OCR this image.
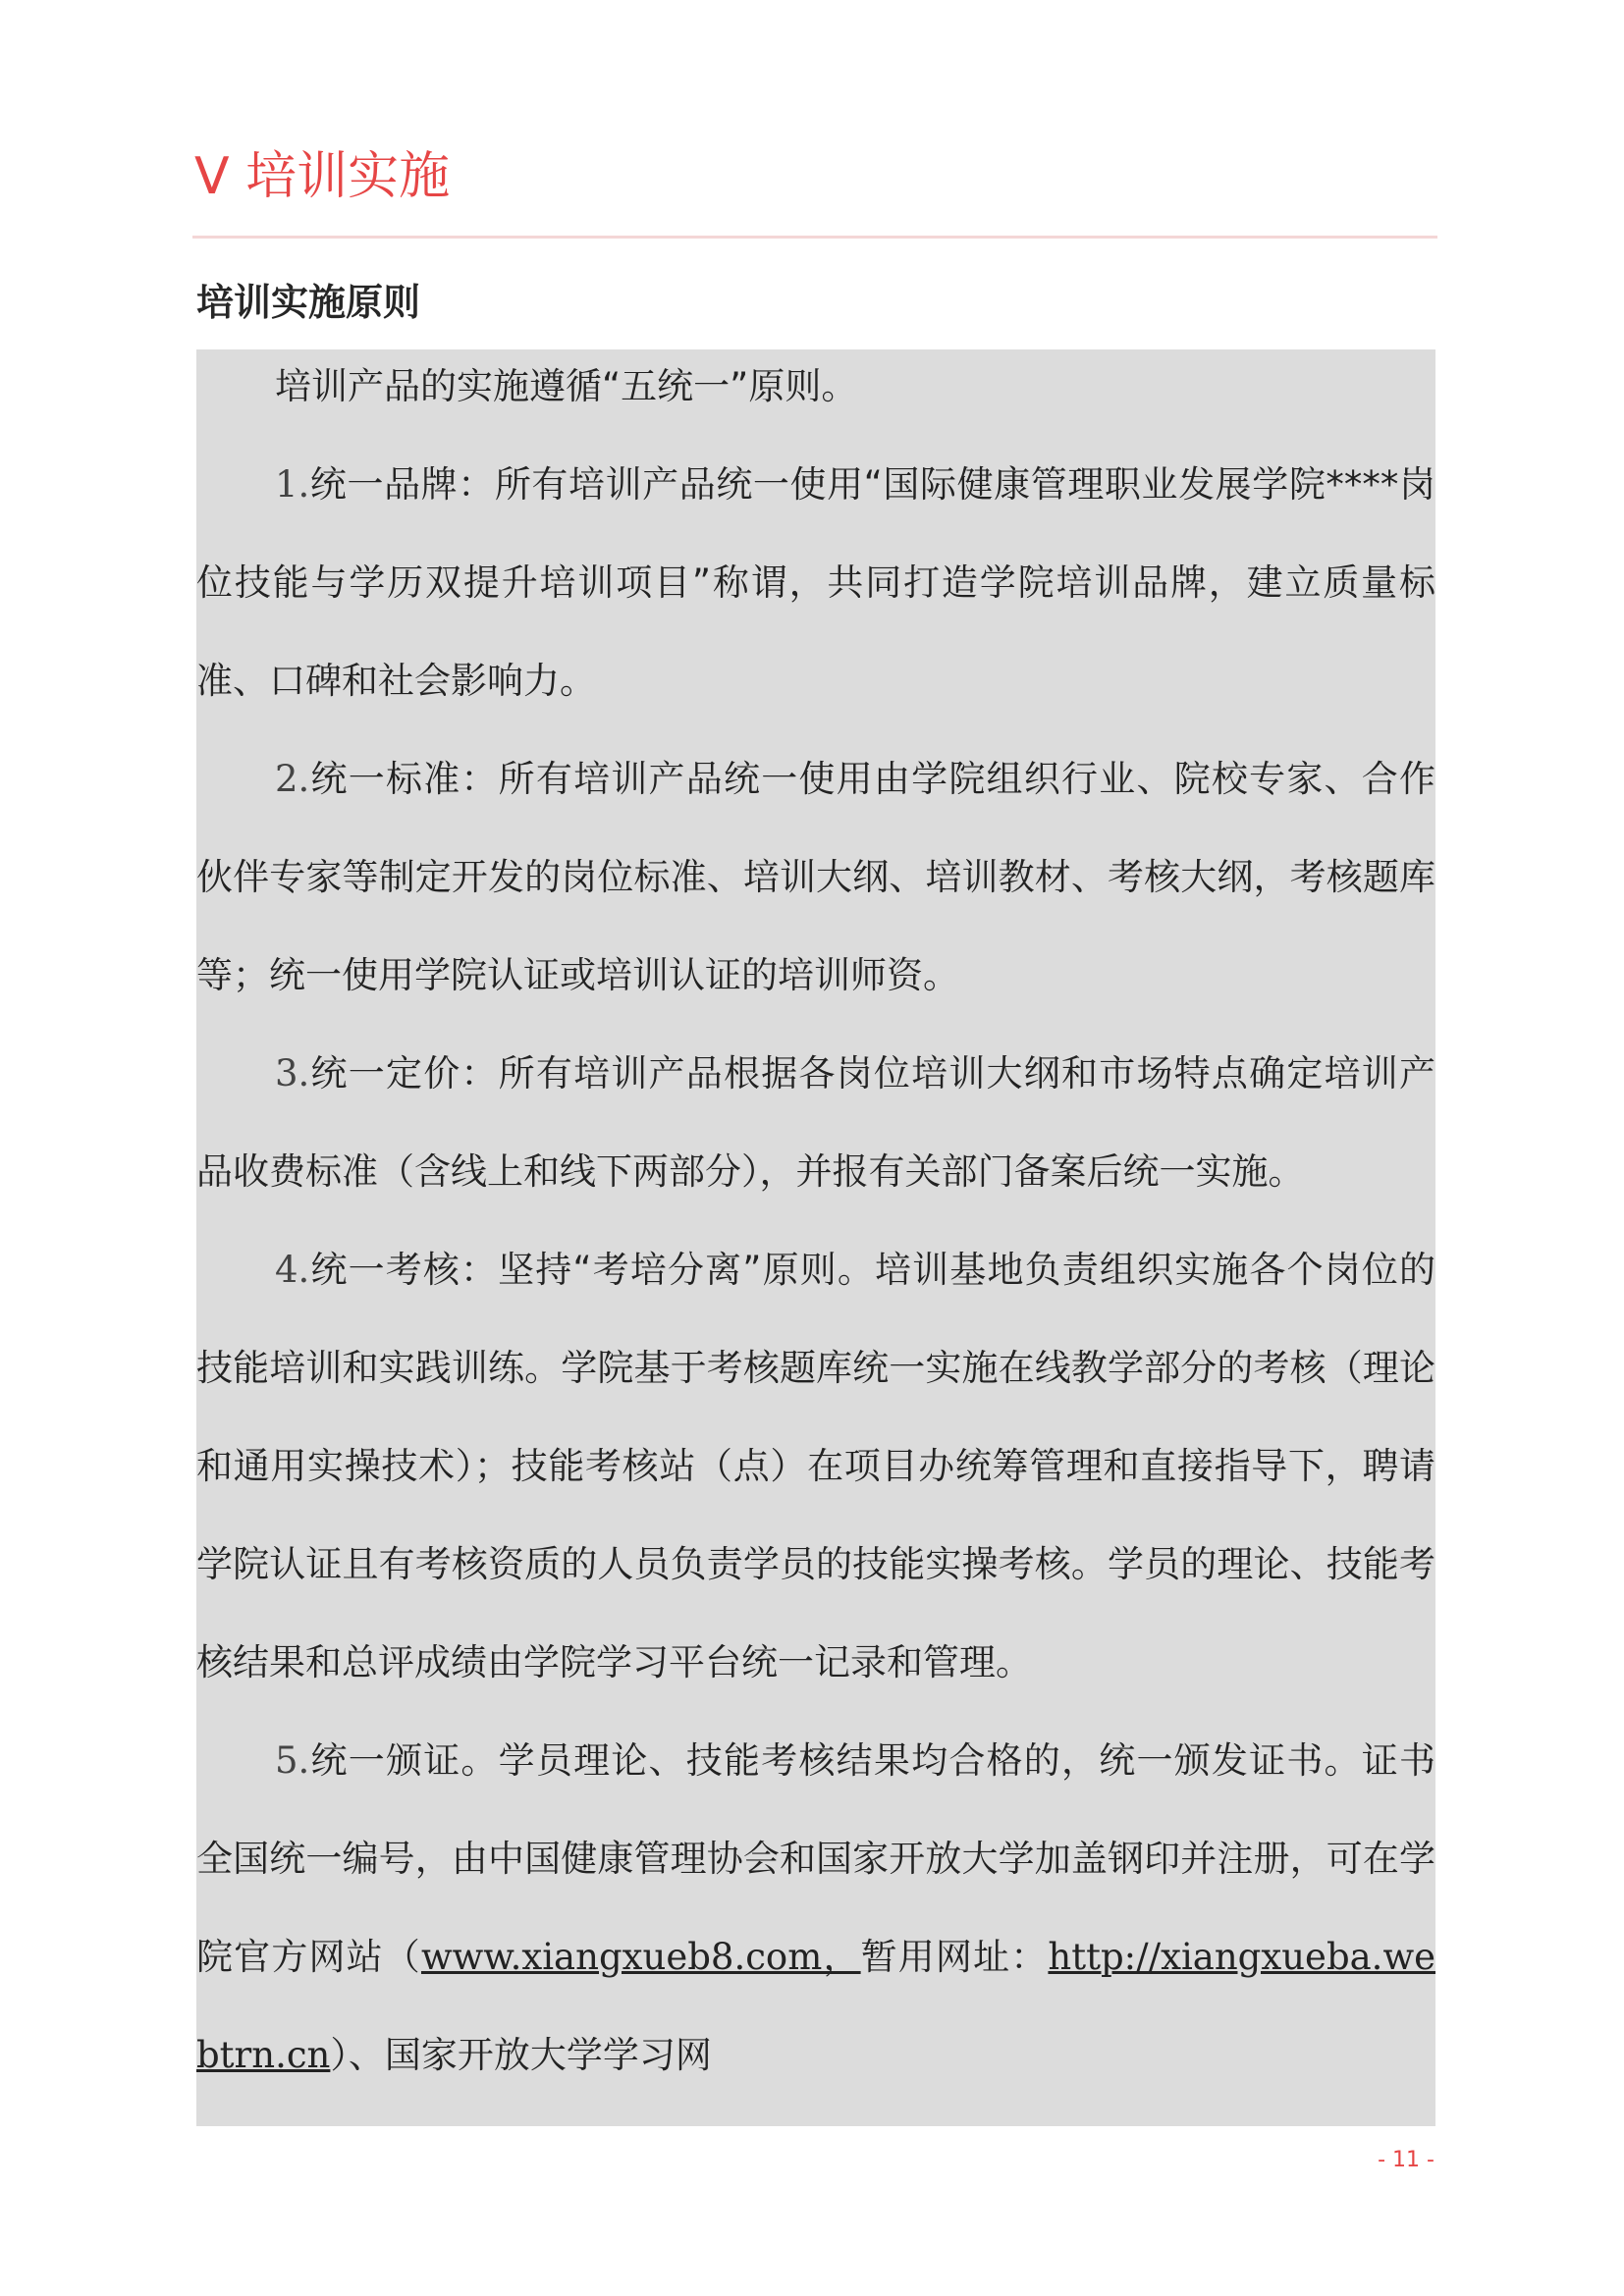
V 培训实施
培训实施原则

培训产品的实施遵循“五统一”原则。

1.统一品牌：所有培训产品统一使用“国际健康管理职业发展学院****岗位技能与学历双提升培训项目”称谓，共同打造学院培训品牌，建立质量标准、口碑和社会影响力。

2.统一标准：所有培训产品统一使用由学院组织行业、院校专家、合作伙伴专家等制定开发的岗位标准、培训大纲、培训教材、考核大纲，考核题库等；统一使用学院认证或培训认证的培训师资。

3.统一定价：所有培训产品根据各岗位培训大纲和市场特点确定培训产品收费标准（含线上和线下两部分），并报有关部门备案后统一实施。

4.统一考核：坚持“考培分离”原则。培训基地负责组织实施各个岗位的技能培训和实践训练。学院基于考核题库统一实施在线教学部分的考核（理论和通用实操技术）；技能考核站（点）在项目办统筹管理和直接指导下，聘请学院认证且有考核资质的人员负责学员的技能实操考核。学员的理论、技能考核结果和总评成绩由学院学习平台统一记录和管理。

5.统一颁证。学员理论、技能考核结果均合格的，统一颁发证书。证书全国统一编号，由中国健康管理协会和国家开放大学加盖钢印并注册，可在学院官方网站（www.xiangxueb8.com，暂用网址：http://xiangxueba.webtrn.cn）、国家开放大学学习网

- 11 -
